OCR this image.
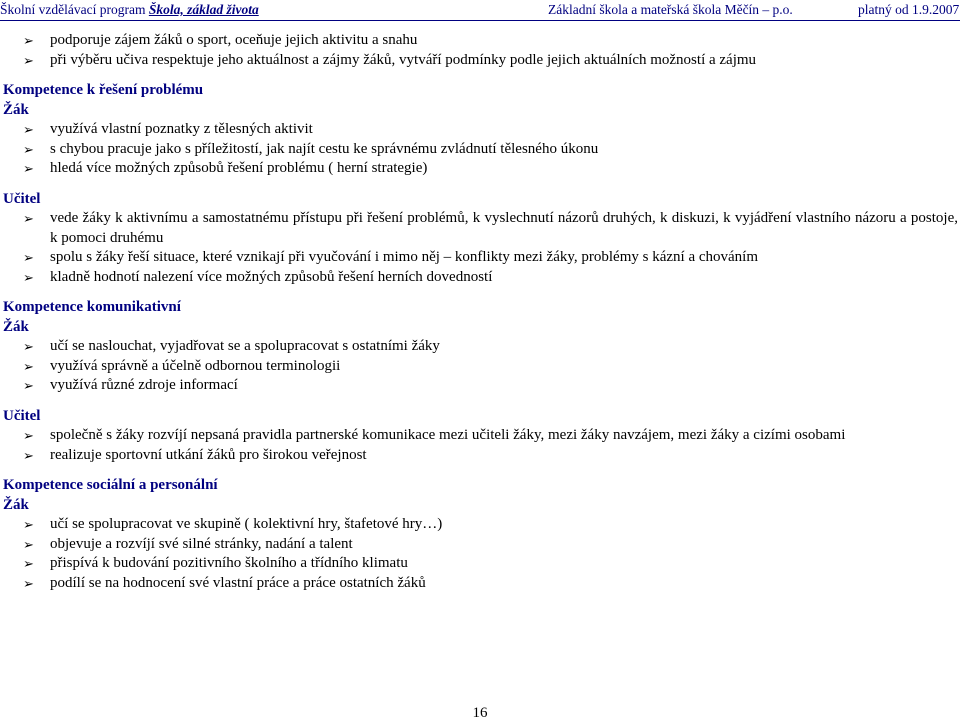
Školní vzdělávací program Škola, základ života	Základní škola a mateřská škola Měčín – p.o.	platný od 1.9.2007
➢ podporuje zájem žáků o sport, oceňuje jejich aktivitu a snahu
➢ při výběru učiva respektuje jeho aktuálnost a zájmy žáků, vytváří podmínky podle jejich aktuálních možností a zájmu
Kompetence k řešení problému
Žák
➢ využívá vlastní poznatky z tělesných aktivit
➢ s chybou pracuje jako s příležitostí, jak najít cestu ke správnému zvládnutí tělesného úkonu
➢ hledá více možných způsobů řešení problému ( herní strategie)
Učitel
➢ vede žáky k aktivnímu a samostatnému přístupu při řešení problémů, k vyslechnutí názorů druhých, k diskuzi, k vyjádření vlastního názoru a postoje, k pomoci druhému
➢ spolu s žáky řeší situace, které vznikají při vyučování i mimo něj – konflikty mezi žáky, problémy s kázní a chováním
➢ kladně hodnotí nalezení více možných způsobů řešení herních dovedností
Kompetence komunikativní
Žák
➢ učí se naslouchat, vyjadřovat se a spolupracovat s ostatními žáky
➢ využívá správně a účelně odbornou terminologii
➢ využívá různé zdroje informací
Učitel
➢ společně s žáky rozvíjí nepsaná pravidla partnerské komunikace mezi učiteli žáky, mezi žáky navzájem, mezi žáky a cizími osobami
➢ realizuje sportovní utkání žáků pro širokou veřejnost
Kompetence sociální a personální
Žák
➢ učí se spolupracovat ve skupině ( kolektivní hry, štafetové hry…)
➢ objevuje a rozvíjí své silné stránky, nadání a talent
➢ přispívá k budování pozitivního školního a třídního klimatu
➢ podílí se na hodnocení své vlastní práce a práce ostatních žáků
16
